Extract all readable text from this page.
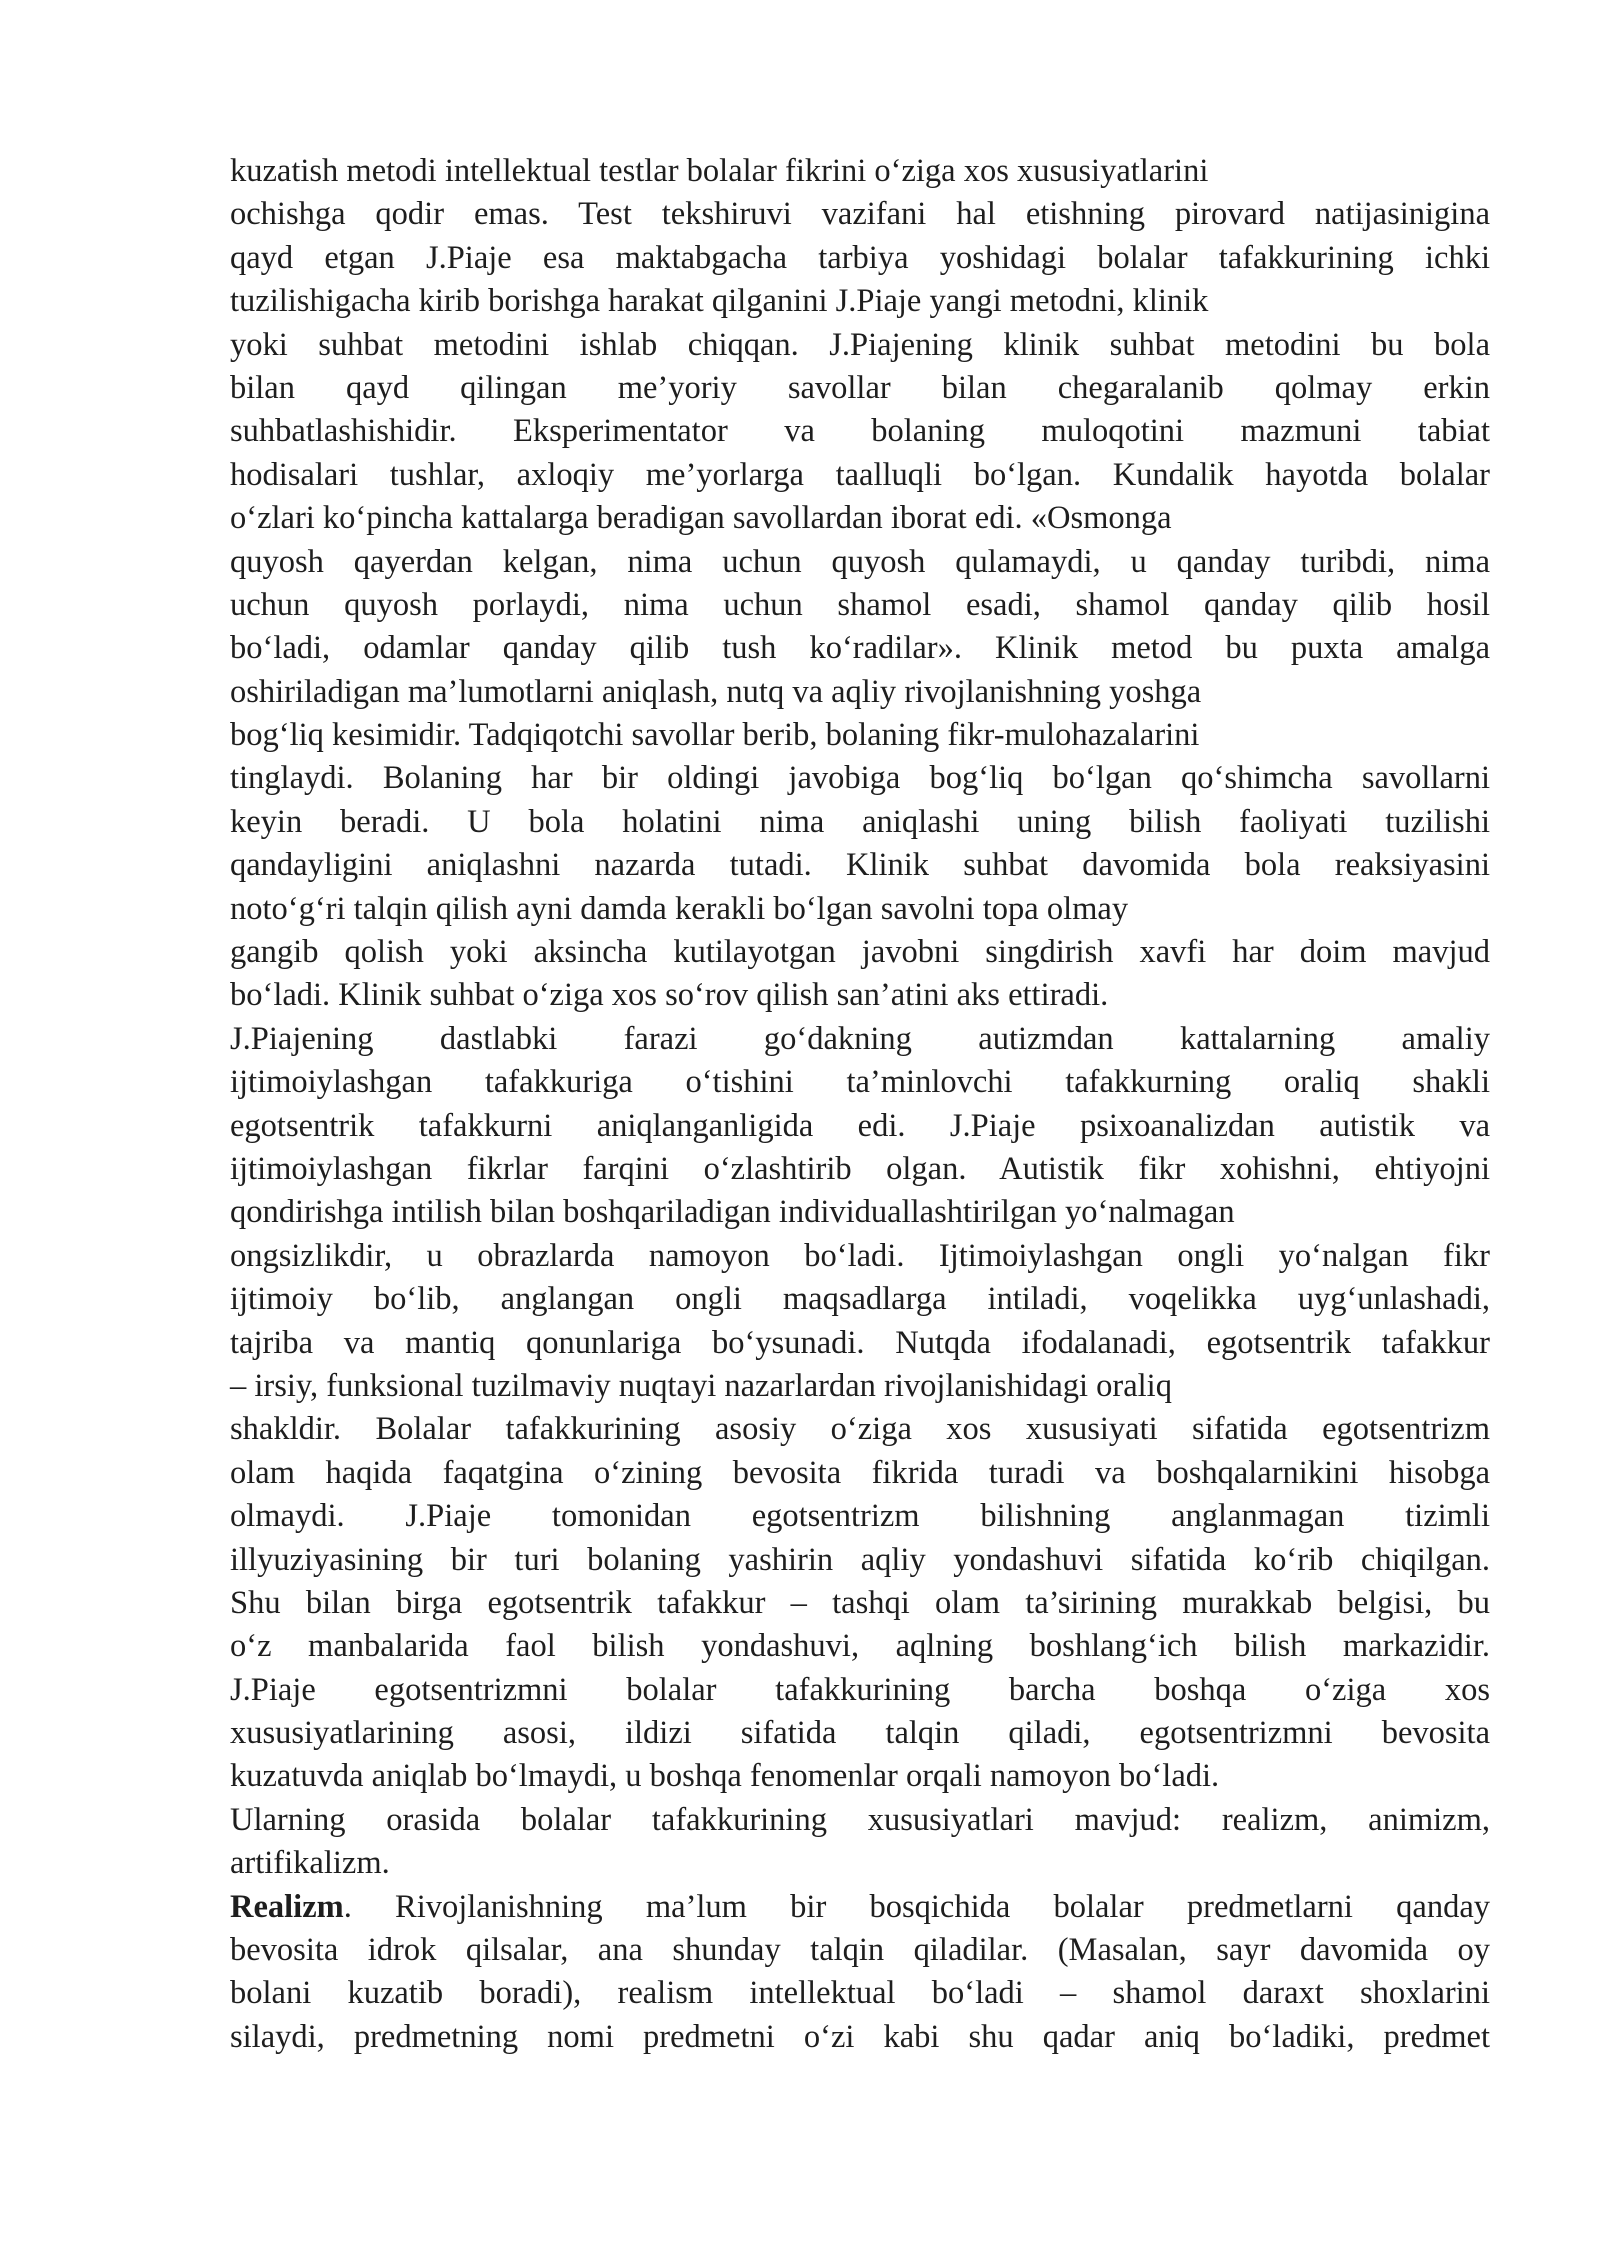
kuzatish metodi intellektual testlar bolalar fikrini o‘ziga xos xususiyatlarini
ochishga qodir emas. Test tekshiruvi vazifani hal etishning pirovard natijasinigina
qayd etgan J.Piaje esa maktabgacha tarbiya yoshidagi bolalar tafakkurining ichki
tuzilishigacha kirib borishga harakat qilganini J.Piaje yangi metodni, klinik
yoki suhbat metodini ishlab chiqqan. J.Piajening klinik suhbat metodini bu bola
bilan qayd qilingan me’yoriy savollar bilan chegaralanib qolmay erkin
suhbatlashishidir. Eksperimentator va bolaning muloqotini mazmuni tabiat
hodisalari tushlar, axloqiy me’yorlarga taalluqli bo‘lgan. Kundalik hayotda bolalar
o‘zlari ko‘pincha kattalarga beradigan savollardan iborat edi. «Osmonga
quyosh qayerdan kelgan, nima uchun quyosh qulamaydi, u qanday turibdi, nima
uchun quyosh porlaydi, nima uchun shamol esadi, shamol qanday qilib hosil
bo‘ladi, odamlar qanday qilib tush ko‘radilar». Klinik metod bu puxta amalga
oshiriladigan ma’lumotlarni aniqlash, nutq va aqliy rivojlanishning yoshga
bog‘liq kesimidir. Tadqiqotchi savollar berib, bolaning fikr-mulohazalarini
tinglaydi. Bolaning har bir oldingi javobiga bog‘liq bo‘lgan qo‘shimcha savollarni
keyin beradi. U bola holatini nima aniqlashi uning bilish faoliyati tuzilishi
qandayligini aniqlashni nazarda tutadi. Klinik suhbat davomida bola reaksiyasini
noto‘g‘ri talqin qilish ayni damda kerakli bo‘lgan savolni topa olmay
gangib qolish yoki aksincha kutilayotgan javobni singdirish xavfi har doim mavjud
bo‘ladi. Klinik suhbat o‘ziga xos so‘rov qilish san’atini aks ettiradi.
J.Piajening dastlabki farazi go‘dakning autizmdan kattalarning amaliy
ijtimoiylashgan tafakkuriga o‘tishini ta’minlovchi tafakkurning oraliq shakli
egotsentrik tafakkurni aniqlanganligida edi. J.Piaje psixoanalizdan autistik va
ijtimoiylashgan fikrlar farqini o‘zlashtirib olgan. Autistik fikr xohishni, ehtiyojni
qondirishga intilish bilan boshqariladigan individuallashtirilgan yo‘nalmagan
ongsizlikdir, u obrazlarda namoyon bo‘ladi. Ijtimoiylashgan ongli yo‘nalgan fikr
ijtimoiy bo‘lib, anglangan ongli maqsadlarga intiladi, voqelikka uyg‘unlashadi,
tajriba va mantiq qonunlariga bo‘ysunadi. Nutqda ifodalanadi, egotsentrik tafakkur
– irsiy, funksional tuzilmaviy nuqtayi nazarlardan rivojlanishidagi oraliq
shakldir. Bolalar tafakkurining asosiy o‘ziga xos xususiyati sifatida egotsentrizm
olam haqida faqatgina o‘zining bevosita fikrida turadi va boshqalarnikini hisobga
olmaydi. J.Piaje tomonidan egotsentrizm bilishning anglanmagan tizimli
illyuziyasining bir turi bolaning yashirin aqliy yondashuvi sifatida ko‘rib chiqilgan.
Shu bilan birga egotsentrik tafakkur – tashqi olam ta’sirining murakkab belgisi, bu
o‘z manbalarida faol bilish yondashuvi, aqlning boshlang‘ich bilish markazidir.
J.Piaje egotsentrizmni bolalar tafakkurining barcha boshqa o‘ziga xos
xususiyatlarining asosi, ildizi sifatida talqin qiladi, egotsentrizmni bevosita
kuzatuvda aniqlab bo‘lmaydi, u boshqa fenomenlar orqali namoyon bo‘ladi.
Ularning orasida bolalar tafakkurining xususiyatlari mavjud: realizm, animizm,
artifikalizm.
Realizm. Rivojlanishning ma’lum bir bosqichida bolalar predmetlarni qanday
bevosita idrok qilsalar, ana shunday talqin qiladilar. (Masalan, sayr davomida oy
bolani kuzatib boradi), realism intellektual bo‘ladi – shamol daraxt shoxlarini
silaydi, predmetning nomi predmetni o‘zi kabi shu qadar aniq bo‘ladiki, predmet
